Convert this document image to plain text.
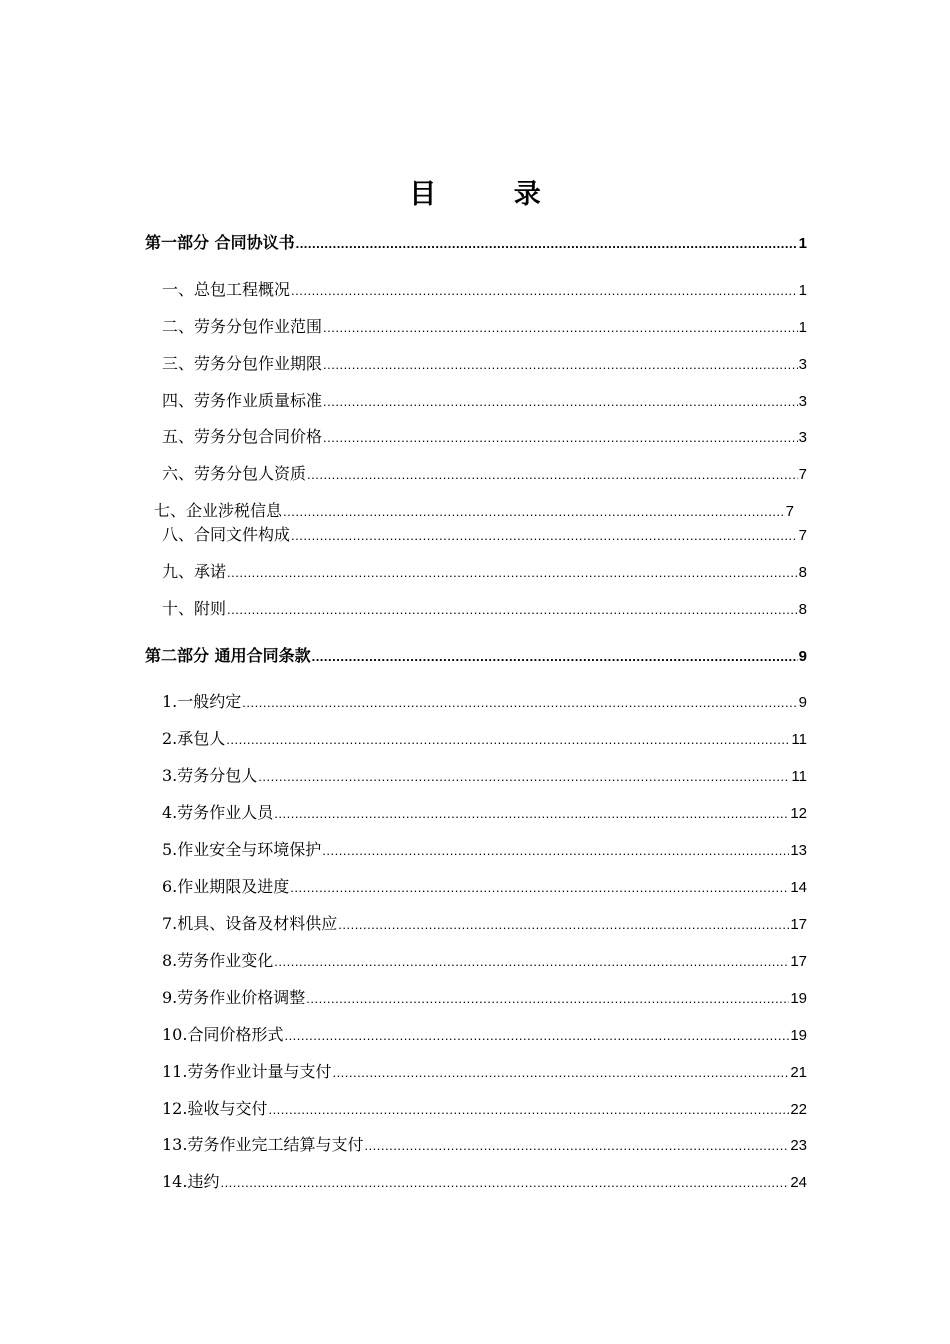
目 录
第一部分 合同协议书 .....	1
一、总包工程概况 .....	1
二、劳务分包作业范围 .....	1
三、劳务分包作业期限 .....	3
四、劳务作业质量标准 .....	3
五、劳务分包合同价格 .....	3
六、劳务分包人资质 .....	7
七、企业涉税信息 .....	7
八、合同文件构成 .....	7
九、承诺 .....	8
十、附则 .....	8
第二部分 通用合同条款 .....	9
1.一般约定 .....	9
2.承包人 .....	11
3.劳务分包人 .....	11
4.劳务作业人员 .....	12
5.作业安全与环境保护 .....	13
6.作业期限及进度 .....	14
7.机具、设备及材料供应 .....	17
8.劳务作业变化 .....	17
9.劳务作业价格调整 .....	19
10.合同价格形式 .....	19
11.劳务作业计量与支付 .....	21
12.验收与交付 .....	22
13.劳务作业完工结算与支付 .....	23
14.违约 .....	24
